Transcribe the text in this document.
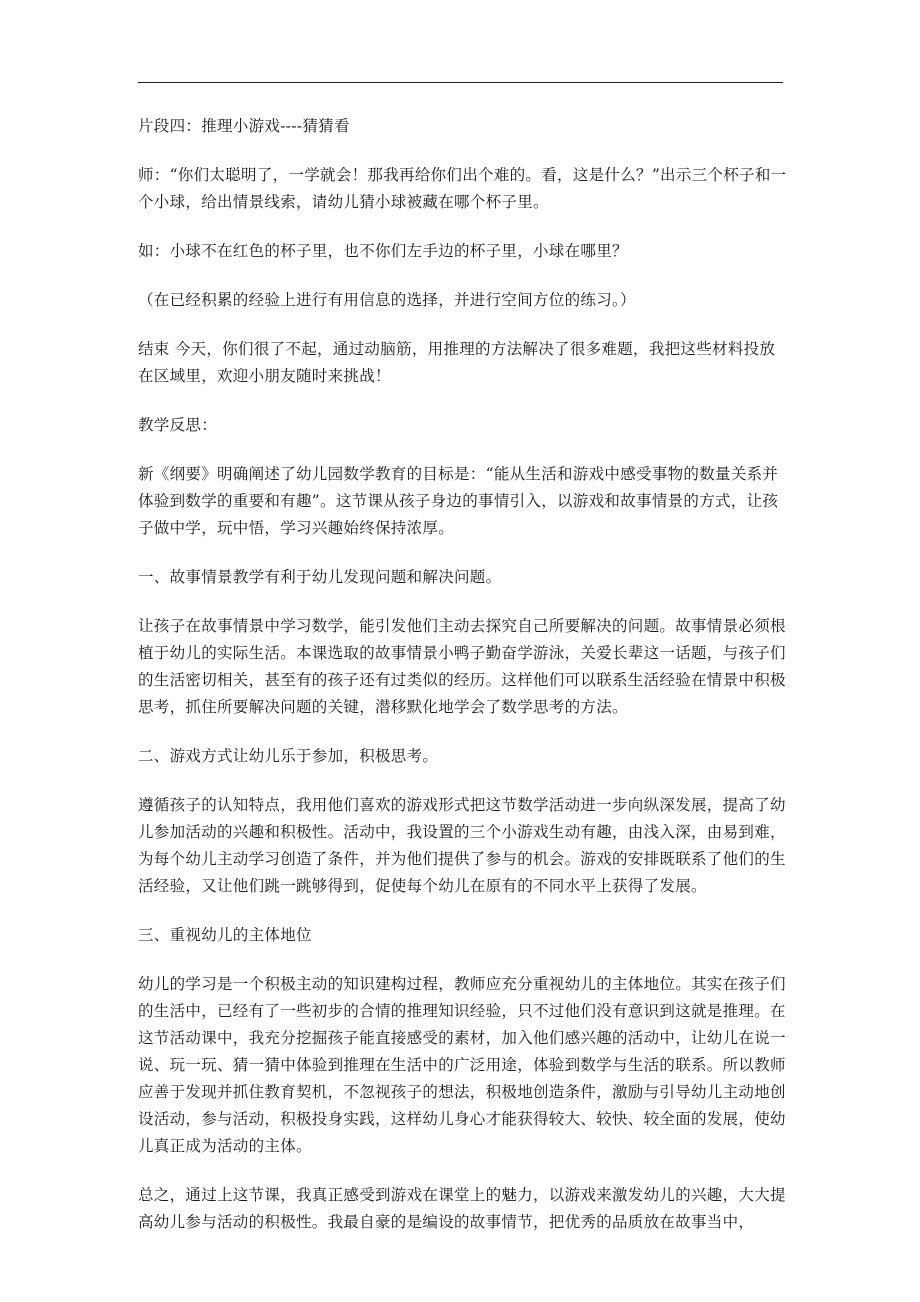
片段四：推理小游戏----猜猜看

师：“你们太聪明了，一学就会！那我再给你们出个难的。看，这是什么？”出示三个杯子和一个小球，给出情景线索，请幼儿猜小球被藏在哪个杯子里。

如：小球不在红色的杯子里，也不你们左手边的杯子里，小球在哪里？

（在已经积累的经验上进行有用信息的选择，并进行空间方位的练习。）

结束 今天，你们很了不起，通过动脑筋，用推理的方法解决了很多难题，我把这些材料投放在区域里，欢迎小朋友随时来挑战！

教学反思：

新《纲要》明确阐述了幼儿园数学教育的目标是：“能从生活和游戏中感受事物的数量关系并体验到数学的重要和有趣”。这节课从孩子身边的事情引入，以游戏和故事情景的方式，让孩子做中学，玩中悟，学习兴趣始终保持浓厚。

一、故事情景教学有利于幼儿发现问题和解决问题。

让孩子在故事情景中学习数学，能引发他们主动去探究自己所要解决的问题。故事情景必须根植于幼儿的实际生活。本课选取的故事情景小鸭子勤奋学游泳，关爱长辈这一话题，与孩子们的生活密切相关，甚至有的孩子还有过类似的经历。这样他们可以联系生活经验在情景中积极思考，抓住所要解决问题的关键，潜移默化地学会了数学思考的方法。

二、游戏方式让幼儿乐于参加，积极思考。

遵循孩子的认知特点，我用他们喜欢的游戏形式把这节数学活动进一步向纵深发展，提高了幼儿参加活动的兴趣和积极性。活动中，我设置的三个小游戏生动有趣，由浅入深，由易到难，为每个幼儿主动学习创造了条件，并为他们提供了参与的机会。游戏的安排既联系了他们的生活经验，又让他们跳一跳够得到，促使每个幼儿在原有的不同水平上获得了发展。

三、重视幼儿的主体地位

幼儿的学习是一个积极主动的知识建构过程，教师应充分重视幼儿的主体地位。其实在孩子们的生活中，已经有了一些初步的合情的推理知识经验，只不过他们没有意识到这就是推理。在这节活动课中，我充分挖掘孩子能直接感受的素材，加入他们感兴趣的活动中，让幼儿在说一说、玩一玩、猜一猜中体验到推理在生活中的广泛用途，体验到数学与生活的联系。所以教师应善于发现并抓住教育契机，不忽视孩子的想法，积极地创造条件，激励与引导幼儿主动地创设活动，参与活动，积极投身实践，这样幼儿身心才能获得较大、较快、较全面的发展，使幼儿真正成为活动的主体。

总之，通过上这节课，我真正感受到游戏在课堂上的魅力，以游戏来激发幼儿的兴趣，大大提高幼儿参与活动的积极性。我最自豪的是编设的故事情节，把优秀的品质放在故事当中，
